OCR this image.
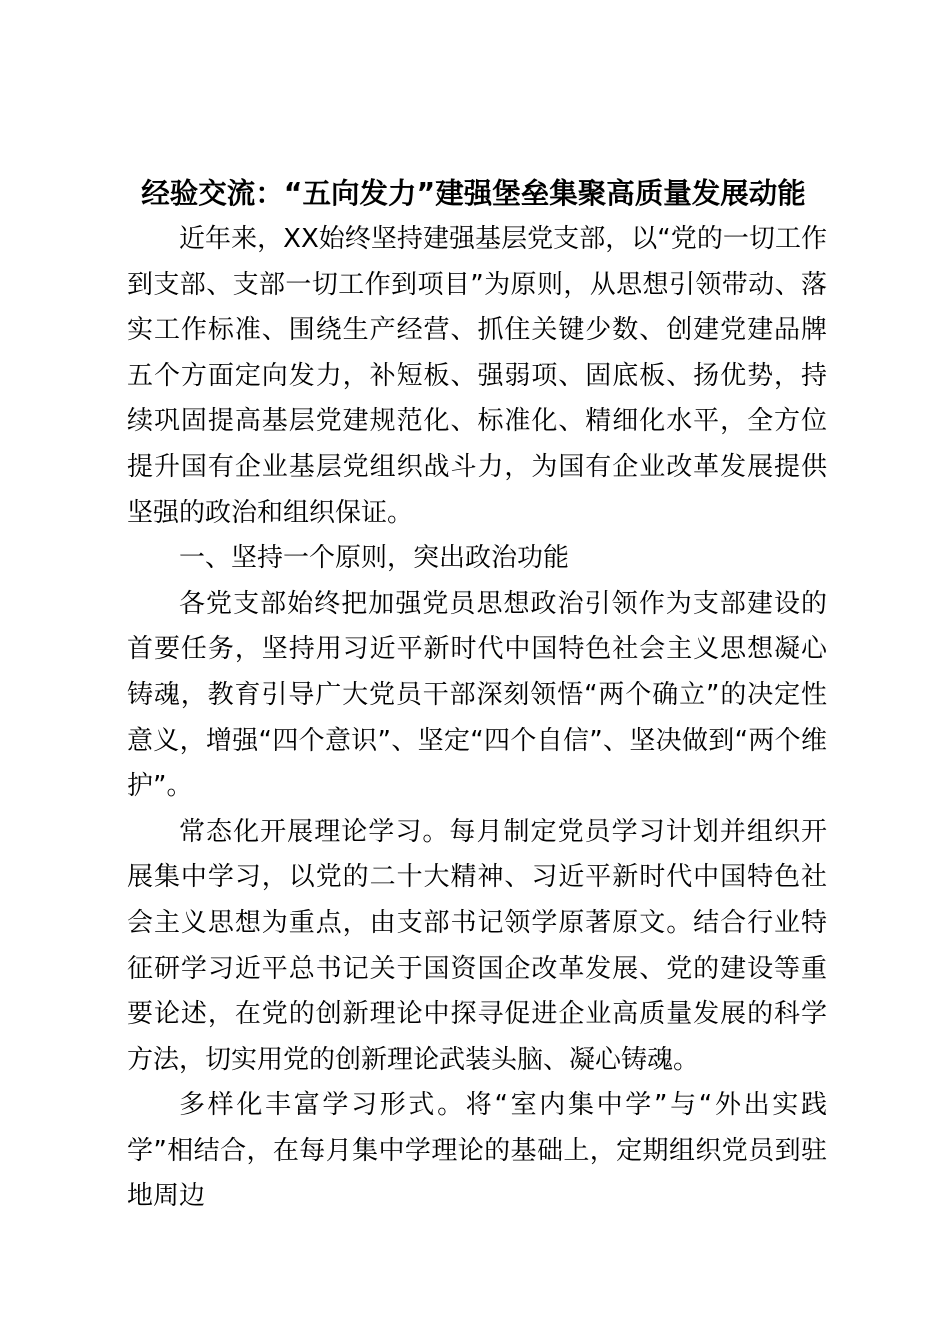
经验交流：“五向发力”建强堡垒集聚高质量发展动能

近年来，XX始终坚持建强基层党支部，以“党的一切工作到支部、支部一切工作到项目”为原则，从思想引领带动、落实工作标准、围绕生产经营、抓住关键少数、创建党建品牌五个方面定向发力，补短板、强弱项、固底板、扬优势，持续巩固提高基层党建规范化、标准化、精细化水平，全方位提升国有企业基层党组织战斗力，为国有企业改革发展提供坚强的政治和组织保证。

一、坚持一个原则，突出政治功能

各党支部始终把加强党员思想政治引领作为支部建设的首要任务，坚持用习近平新时代中国特色社会主义思想凝心铸魂，教育引导广大党员干部深刻领悟“两个确立”的决定性意义，增强“四个意识”、坚定“四个自信”、坚决做到“两个维护”。

常态化开展理论学习。每月制定党员学习计划并组织开展集中学习，以党的二十大精神、习近平新时代中国特色社会主义思想为重点，由支部书记领学原著原文。结合行业特征研学习近平总书记关于国资国企改革发展、党的建设等重要论述，在党的创新理论中探寻促进企业高质量发展的科学方法，切实用党的创新理论武装头脑、凝心铸魂。

多样化丰富学习形式。将“室内集中学”与“外出实践学”相结合，在每月集中学理论的基础上，定期组织党员到驻地周边
